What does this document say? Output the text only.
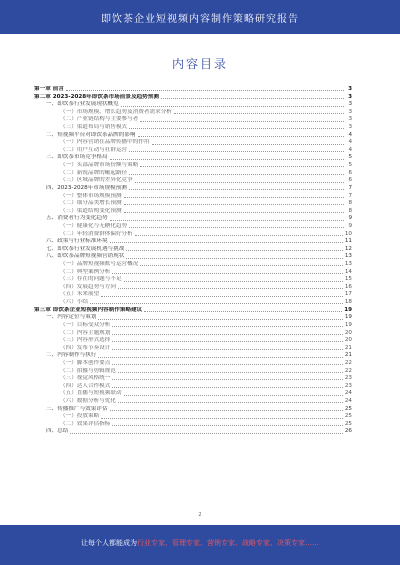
即饮茶企业短视频内容制作策略研究报告
内容目录
第一章 前言	3
第二章 2023-2028年即饮茶市场前景及趋势预测	3
一、即饮茶行业发展现状概览	3
（一）市场规模、增长趋势及消费者需求分析	3
（二）产业链结构与主要参与者	3
（三）渠道布局与销售模式	3
二、短视频平台对即饮茶品牌的影响	4
（一）内容营销在品牌传播中的作用	4
（二）用户互动与社群运营	4
三、即饮茶市场竞争格局	5
（一）头部品牌市场份额与策略	5
（二）新锐品牌的崛起路径	6
（三）区域品牌的差异化竞争	6
四、2023-2028年市场规模预测	7
（一）整体市场规模预测	7
（二）细分品类增长预测	8
（三）渠道结构变化预测	8
五、消费者行为变化趋势	9
（一）健康化与无糖化趋势	9
（二）年轻消费群体偏好分析	10
六、政策与行业标准环境	11
七、即饮茶行业发展机遇与挑战	12
八、即饮茶品牌短视频营销现状	13
（一）品牌短视频账号运营概况	13
（二）典型案例分析	14
（三）存在的问题与不足	15
（四）发展趋势与方向	16
（五）未来展望	17
（六）小结	18
第三章 即饮茶企业短视频内容制作策略建议	19
一、内容定位与策划	19
（一）目标受众分析	19
（二）内容主题规划	20
（三）内容形式选择	20
（四）发布节奏设计	21
二、内容制作与执行	21
（一）脚本创作要点	22
（二）拍摄与剪辑规范	22
（三）视觉风格统一	23
（四）达人合作模式	23
（五）直播与短视频联动	24
（六）数据分析与优化	24
三、传播推广与效果评估	25
（一）投放策略	25
（二）效果评估指标	25
四、总结	26
2
让每个人都能成为行业专家、管理专家、营销专家、战略专家、决策专家……
